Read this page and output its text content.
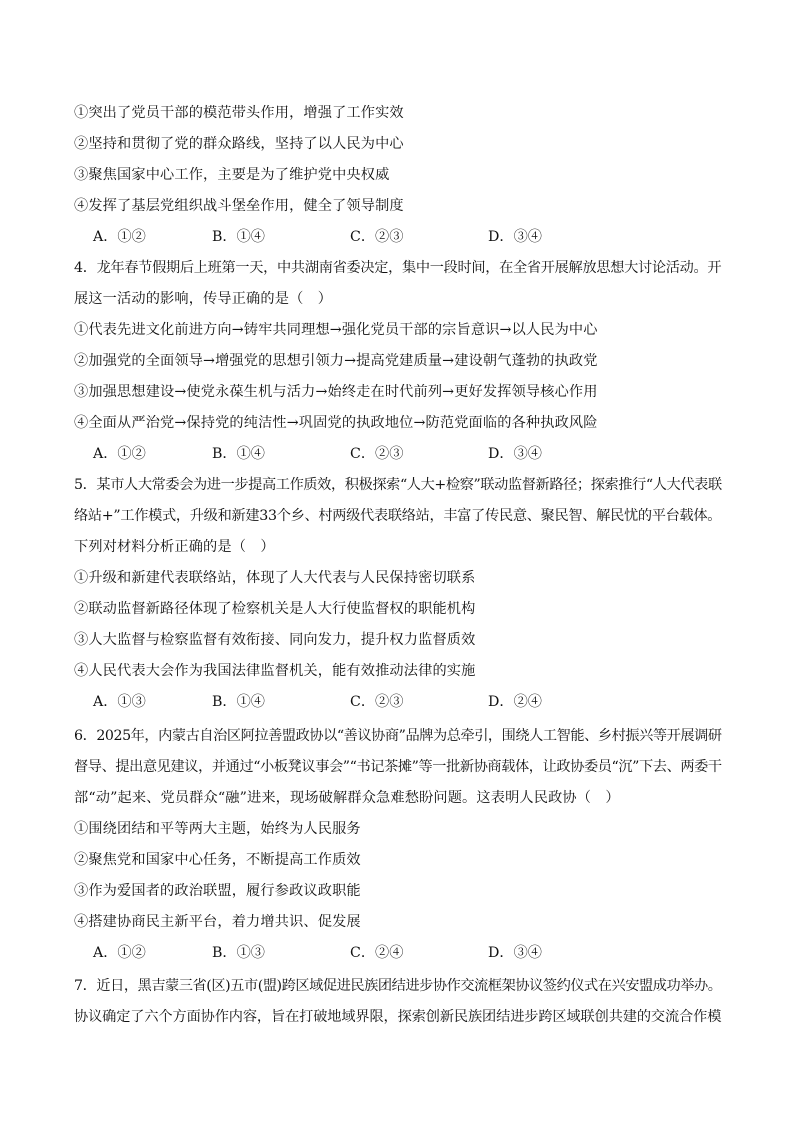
①突出了党员干部的模范带头作用，增强了工作实效
②坚持和贯彻了党的群众路线，坚持了以人民为中心
③聚焦国家中心工作，主要是为了维护党中央权威
④发挥了基层党组织战斗堡垒作用，健全了领导制度
A．①②	B．①④	C．②③	D．③④
4．龙年春节假期后上班第一天，中共湖南省委决定，集中一段时间，在全省开展解放思想大讨论活动。开
展这一活动的影响，传导正确的是（　）
①代表先进文化前进方向→铸牢共同理想→强化党员干部的宗旨意识→以人民为中心
②加强党的全面领导→增强党的思想引领力→提高党建质量→建设朝气蓬勃的执政党
③加强思想建设→使党永葆生机与活力→始终走在时代前列→更好发挥领导核心作用
④全面从严治党→保持党的纯洁性→巩固党的执政地位→防范党面临的各种执政风险
A．①②	B．①④	C．②③	D．③④
5．某市人大常委会为进一步提高工作质效，积极探索“人大+检察”联动监督新路径；探索推行“人大代表联
络站+”工作模式，升级和新建33个乡、村两级代表联络站，丰富了传民意、聚民智、解民忧的平台载体。
下列对材料分析正确的是（　）
①升级和新建代表联络站，体现了人大代表与人民保持密切联系
②联动监督新路径体现了检察机关是人大行使监督权的职能机构
③人大监督与检察监督有效衔接、同向发力，提升权力监督质效
④人民代表大会作为我国法律监督机关，能有效推动法律的实施
A．①③	B．①④	C．②③	D．②④
6．2025年，内蒙古自治区阿拉善盟政协以“善议协商”品牌为总牵引，围绕人工智能、乡村振兴等开展调研
督导、提出意见建议，并通过“小板凳议事会”“书记茶摊”等一批新协商载体，让政协委员“沉”下去、两委干
部“动”起来、党员群众“融”进来，现场破解群众急难愁盼问题。这表明人民政协（　）
①围绕团结和平等两大主题，始终为人民服务
②聚焦党和国家中心任务，不断提高工作质效
③作为爱国者的政治联盟，履行参政议政职能
④搭建协商民主新平台，着力增共识、促发展
A．①②	B．①③	C．②④	D．③④
7．近日，黑吉蒙三省(区)五市(盟)跨区域促进民族团结进步协作交流框架协议签约仪式在兴安盟成功举办。
协议确定了六个方面协作内容，旨在打破地域界限，探索创新民族团结进步跨区域联创共建的交流合作模
